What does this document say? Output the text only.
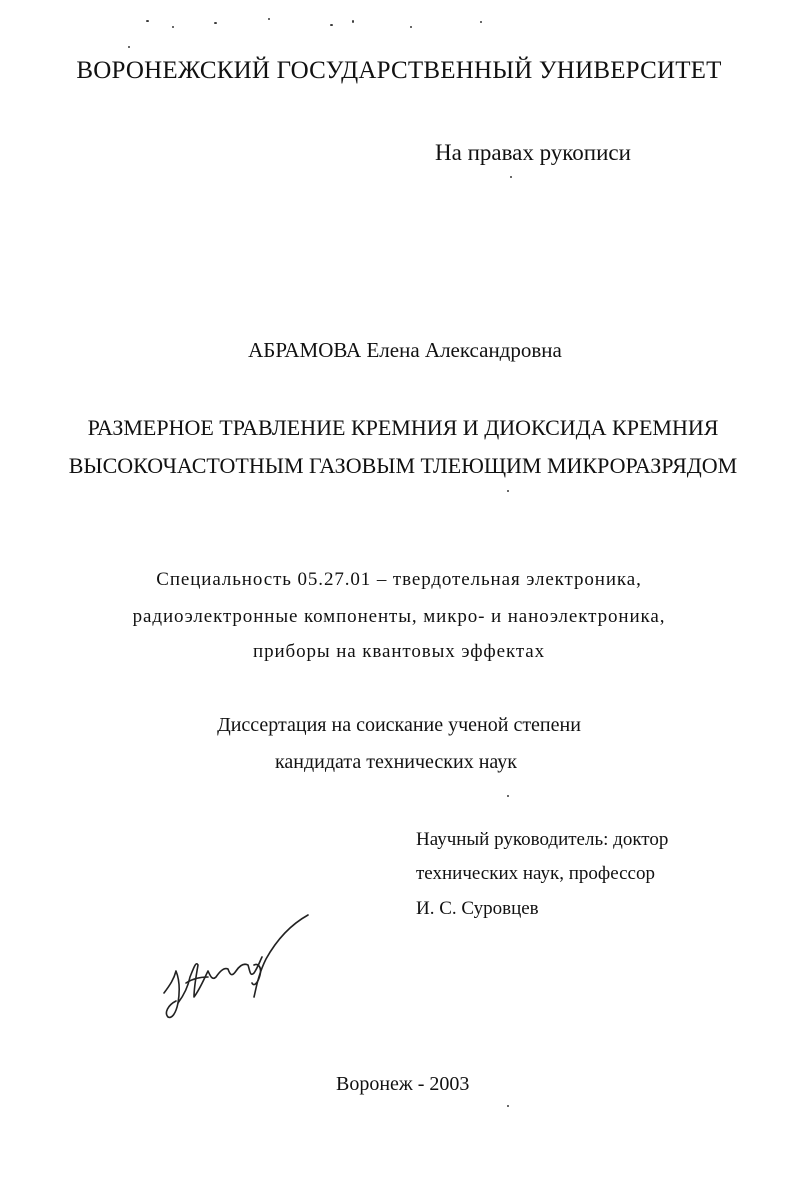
ВОРОНЕЖСКИЙ ГОСУДАРСТВЕННЫЙ УНИВЕРСИТЕТ
На правах рукописи
АБРАМОВА Елена Александровна
РАЗМЕРНОЕ ТРАВЛЕНИЕ КРЕМНИЯ И ДИОКСИДА КРЕМНИЯ
ВЫСОКОЧАСТОТНЫМ ГАЗОВЫМ ТЛЕЮЩИМ МИКРОРАЗРЯДОМ
Специальность 05.27.01 – твердотельная электроника,
радиоэлектронные компоненты, микро- и наноэлектроника,
приборы на квантовых эффектах
Диссертация на соискание ученой степени
кандидата технических наук
Научный руководитель: доктор
технических наук, профессор
И. С. Суровцев
Воронеж - 2003
